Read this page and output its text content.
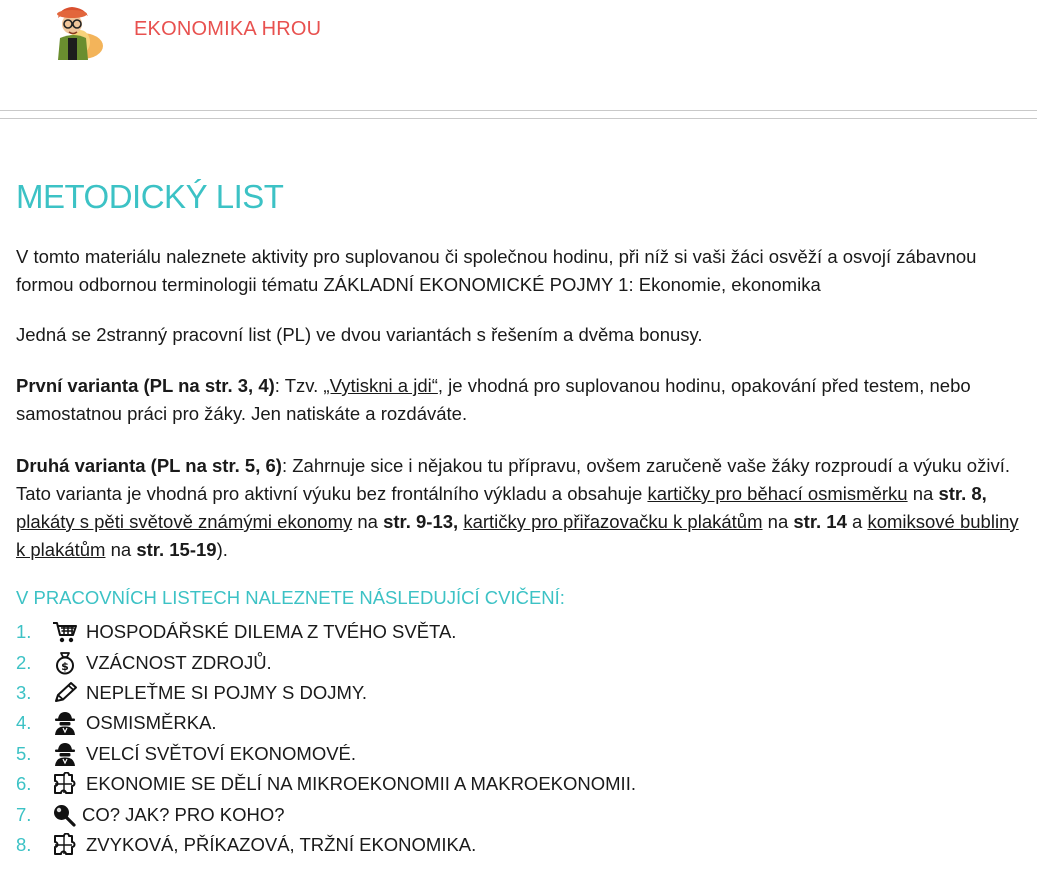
EKONOMIKA HROU
METODICKÝ LIST

V tomto materiálu naleznete aktivity pro suplovanou či společnou hodinu, při níž si vaši žáci osvěží a osvojí zábavnou formou odbornou terminologii tématu ZÁKLADNÍ EKONOMICKÉ POJMY 1: Ekonomie, ekonomika

Jedná se 2stranný pracovní list (PL) ve dvou variantách s řešením a dvěma bonusy.

První varianta (PL na str. 3, 4): Tzv. „Vytiskni a jdi“, je vhodná pro suplovanou hodinu, opakování před testem, nebo samostatnou práci pro žáky. Jen natiskáte a rozdáváte.

Druhá varianta (PL na str. 5, 6): Zahrnuje sice i nějakou tu přípravu, ovšem zaručeně vaše žáky rozproudí a výuku oživí. Tato varianta je vhodná pro aktivní výuku bez frontálního výkladu a obsahuje kartičky pro běhací osmisměrku na str. 8, plakáty s pěti světově známými ekonomy na str. 9-13, kartičky pro přiřazovačku k plakátům na str. 14 a komiksové bubliny k plakátům na str. 15-19).

V PRACOVNÍCH LISTECH NALEZNETE NÁSLEDUJÍCÍ CVIČENÍ:
1.	HOSPODÁŘSKÉ DILEMA Z TVÉHO SVĚTA.
2.	$ VZÁCNOST ZDROJŮ.
3.	NEPLEŤME SI POJMY S DOJMY.
4.	OSMISMĚRKA.
5.	VELCÍ SVĚTOVÍ EKONOMOVÉ.
6.	EKONOMIE SE DĚLÍ NA MIKROEKONOMII A MAKROEKONOMII.
7.	CO? JAK? PRO KOHO?
8.	ZVYKOVÁ, PŘÍKAZOVÁ, TRŽNÍ EKONOMIKA.
